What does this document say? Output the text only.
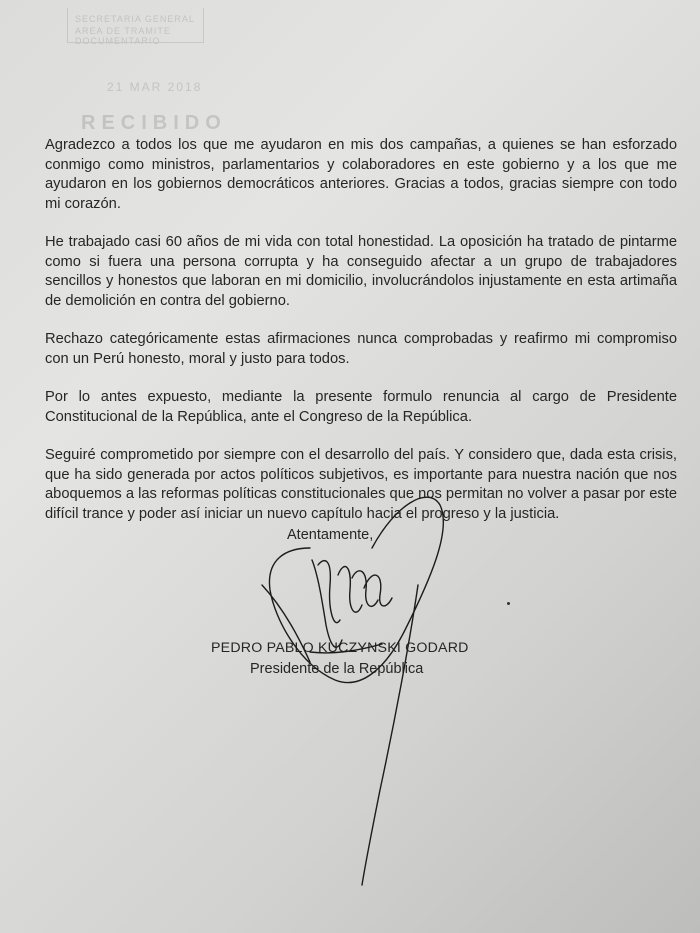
SECRETARIA GENERAL
AREA DE TRAMITE DOCUMENTARIO
21 MAR 2018
RECIBIDO

Agradezco a todos los que me ayudaron en mis dos campañas, a quienes se han esforzado conmigo como ministros, parlamentarios y colaboradores en este gobierno y a los que me ayudaron en los gobiernos democráticos anteriores. Gracias a todos, gracias siempre con todo mi corazón.

He trabajado casi 60 años de mi vida con total honestidad. La oposición ha tratado de pintarme como si fuera una persona corrupta y ha conseguido afectar a un grupo de trabajadores sencillos y honestos que laboran en mi domicilio, involucrándolos injustamente en esta artimaña de demolición en contra del gobierno.

Rechazo categóricamente estas afirmaciones nunca comprobadas y reafirmo mi compromiso con un Perú honesto, moral y justo para todos.

Por lo antes expuesto, mediante la presente formulo renuncia al cargo de Presidente Constitucional de la República, ante el Congreso de la República.

Seguiré comprometido por siempre con el desarrollo del país. Y considero que, dada esta crisis, que ha sido generada por actos políticos subjetivos, es importante para nuestra nación que nos aboquemos a las reformas políticas constitucionales que nos permitan no volver a pasar por este difícil trance y poder así iniciar un nuevo capítulo hacia el progreso y la justicia.

Atentamente,
PEDRO PABLO KUCZYNSKI GODARD
Presidente de la República
